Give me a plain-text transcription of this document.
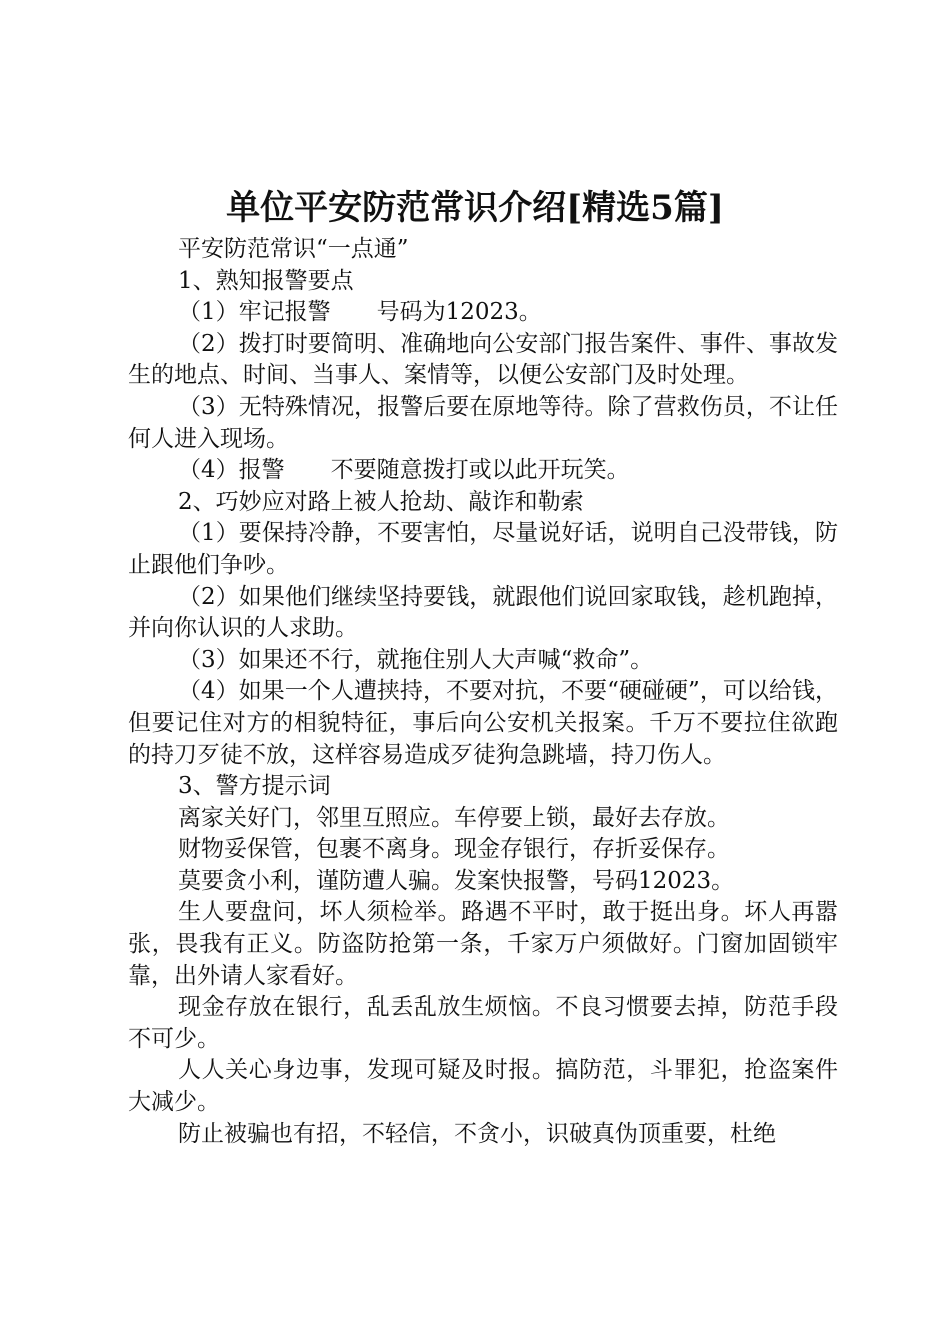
单位平安防范常识介绍[精选5篇]

平安防范常识“一点通”

1、熟知报警要点

（1）牢记报警　　号码为12023。

（2）拨打时要简明、准确地向公安部门报告案件、事件、事故发生的地点、时间、当事人、案情等，以便公安部门及时处理。

（3）无特殊情况，报警后要在原地等待。除了营救伤员，不让任何人进入现场。

（4）报警　　不要随意拨打或以此开玩笑。

2、巧妙应对路上被人抢劫、敲诈和勒索

（1）要保持冷静，不要害怕，尽量说好话，说明自己没带钱，防止跟他们争吵。

（2）如果他们继续坚持要钱，就跟他们说回家取钱，趁机跑掉，并向你认识的人求助。

（3）如果还不行，就拖住别人大声喊“救命”。

（4）如果一个人遭挟持，不要对抗，不要“硬碰硬”，可以给钱，但要记住对方的相貌特征，事后向公安机关报案。千万不要拉住欲跑的持刀歹徒不放，这样容易造成歹徒狗急跳墙，持刀伤人。

3、警方提示词

离家关好门，邻里互照应。车停要上锁，最好去存放。

财物妥保管，包裹不离身。现金存银行，存折妥保存。

莫要贪小利，谨防遭人骗。发案快报警，号码12023。

生人要盘问，坏人须检举。路遇不平时，敢于挺出身。坏人再嚣张，畏我有正义。防盗防抢第一条，千家万户须做好。门窗加固锁牢靠，出外请人家看好。

现金存放在银行，乱丢乱放生烦恼。不良习惯要去掉，防范手段不可少。

人人关心身边事，发现可疑及时报。搞防范，斗罪犯，抢盗案件大减少。

防止被骗也有招，不轻信，不贪小，识破真伪顶重要，杜绝
